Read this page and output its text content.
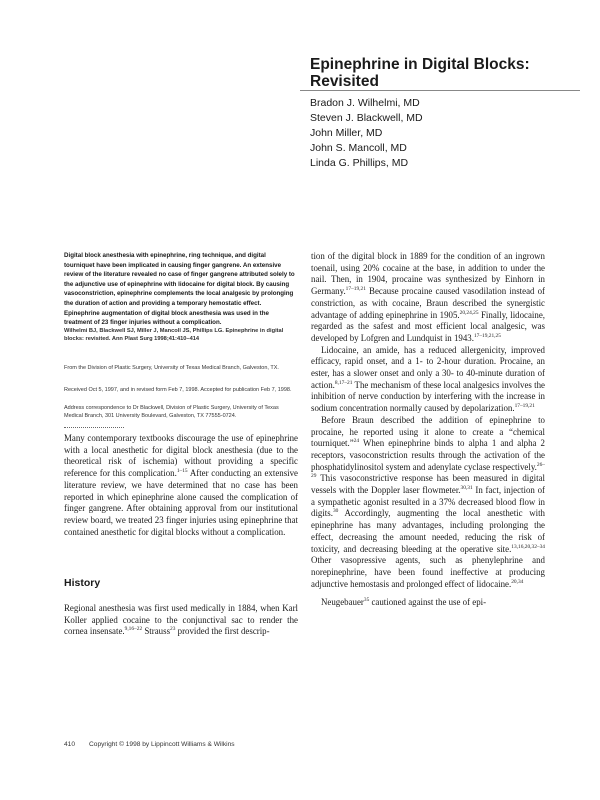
Epinephrine in Digital Blocks: Revisited
Bradon J. Wilhelmi, MD
Steven J. Blackwell, MD
John Miller, MD
John S. Mancoll, MD
Linda G. Phillips, MD

Digital block anesthesia with epinephrine, ring technique, and digital tourniquet have been implicated in causing finger gangrene. An extensive review of the literature revealed no case of finger gangrene attributed solely to the adjunctive use of epinephrine with lidocaine for digital block. By causing vasoconstriction, epinephrine complements the local analgesic by prolonging the duration of action and providing a temporary hemostatic effect. Epinephrine augmentation of digital block anesthesia was used in the treatment of 23 finger injuries without a complication.

Wilhelmi BJ, Blackwell SJ, Miller J, Mancoll JS, Phillips LG. Epinephrine in digital blocks: revisited. Ann Plast Surg 1998;41:410–414

From the Division of Plastic Surgery, University of Texas Medical Branch, Galveston, TX.

Received Oct 5, 1997, and in revised form Feb 7, 1998. Accepted for publication Feb 7, 1998.

Address correspondence to Dr Blackwell, Division of Plastic Surgery, University of Texas Medical Branch, 301 University Boulevard, Galveston, TX 77555-0724.

Many contemporary textbooks discourage the use of epinephrine with a local anesthetic for digital block anesthesia (due to the theoretical risk of ischemia) without providing a specific reference for this complication.$^{1-15}$ After conducting an extensive literature review, we have determined that no case has been reported in which epinephrine alone caused the complication of finger gangrene. After obtaining approval from our institutional review board, we treated 23 finger injuries using epinephrine that contained anesthetic for digital blocks without a complication.

History

Regional anesthesia was first used medically in 1884, when Karl Koller applied cocaine to the conjunctival sac to render the cornea insensate.$^{9,16-22}$ Strauss$^{23}$ provided the first descrip-

tion of the digital block in 1889 for the condition of an ingrown toenail, using 20% cocaine at the base, in addition to under the nail. Then, in 1904, procaine was synthesized by Einhorn in Germany.$^{17-19,21}$ Because procaine caused vasodilation instead of constriction, as with cocaine, Braun described the synergistic advantage of adding epinephrine in 1905.$^{20,24,25}$ Finally, lidocaine, regarded as the safest and most efficient local analgesic, was developed by Lofgren and Lundquist in 1943.$^{17-19,21,25}$

Lidocaine, an amide, has a reduced allergenicity, improved efficacy, rapid onset, and a 1- to 2-hour duration. Procaine, an ester, has a slower onset and only a 30- to 40-minute duration of action.$^{8,17-21}$ The mechanism of these local analgesics involves the inhibition of nerve conduction by interfering with the increase in sodium concentration normally caused by depolarization.$^{17-19,21}$

Before Braun described the addition of epinephrine to procaine, he reported using it alone to create a “chemical tourniquet.”$^{24}$ When epinephrine binds to alpha 1 and alpha 2 receptors, vasoconstriction results through the activation of the phosphatidylinositol system and adenylate cyclase respectively.$^{26-29}$ This vasoconstrictive response has been measured in digital vessels with the Doppler laser flowmeter.$^{30,31}$ In fact, injection of a sympathetic agonist resulted in a 37% decreased blood flow in digits.$^{30}$ Accordingly, augmenting the local anesthetic with epinephrine has many advantages, including prolonging the effect, decreasing the amount needed, reducing the risk of toxicity, and decreasing bleeding at the operative site.$^{13,16,20,32-34}$ Other vasopressive agents, such as phenylephrine and norepinephrine, have been found ineffective at producing adjunctive hemostasis and prolonged effect of lidocaine.$^{20,34}$

Neugebauer$^{35}$ cautioned against the use of epi-

410 Copyright © 1998 by Lippincott Williams & Wilkins
